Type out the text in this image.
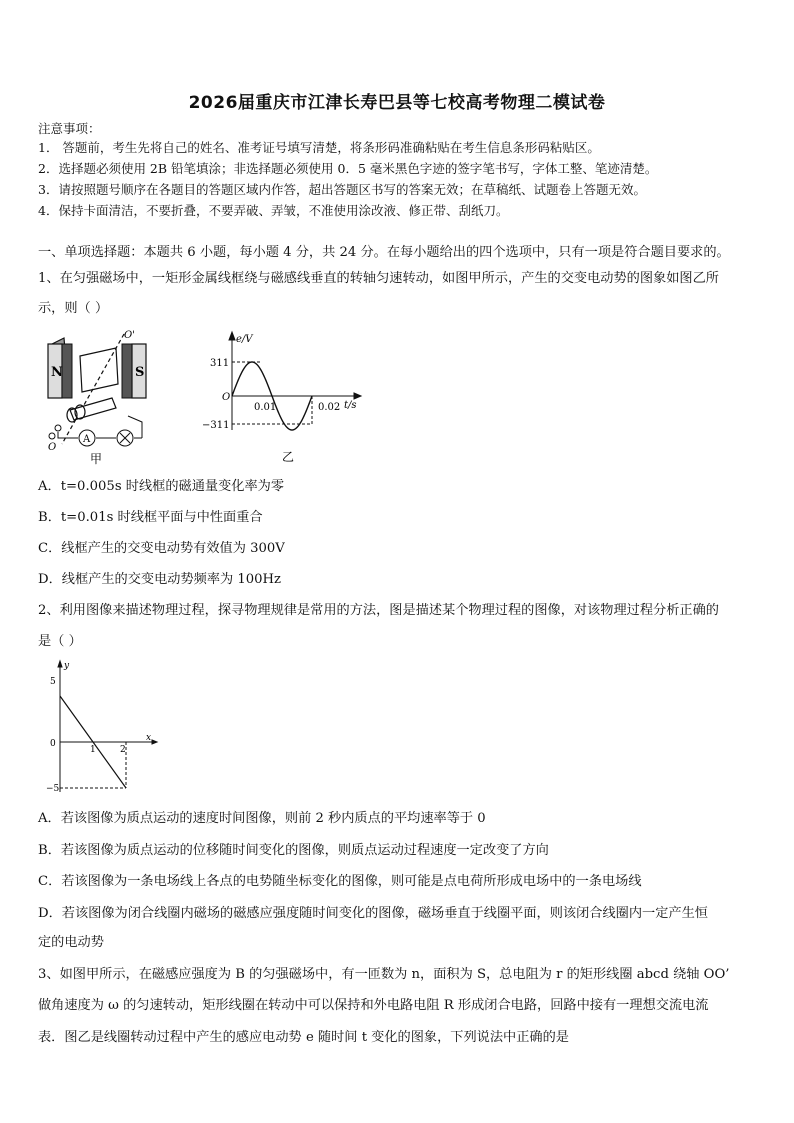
2026届重庆市江津长寿巴县等七校高考物理二模试卷
注意事项：
1． 答题前，考生先将自己的姓名、准考证号填写清楚，将条形码准确粘贴在考生信息条形码粘贴区。
2．选择题必须使用 2B 铅笔填涂；非选择题必须使用 0．5 毫米黑色字迹的签字笔书写，字体工整、笔迹清楚。
3．请按照题号顺序在各题目的答题区域内作答，超出答题区书写的答案无效；在草稿纸、试题卷上答题无效。
4．保持卡面清洁，不要折叠，不要弄破、弄皱，不准使用涂改液、修正带、刮纸刀。
一、单项选择题：本题共 6 小题，每小题 4 分，共 24 分。在每小题给出的四个选项中，只有一项是符合题目要求的。
1、在匀强磁场中，一矩形金属线框绕与磁感线垂直的转轴匀速转动，如图甲所示，产生的交变电动势的图象如图乙所
示，则（ ）
N	S
O'
O
A
甲
e/V
t/s
O
311
−311
0.01	0.02
乙
A．t=0.005s 时线框的磁通量变化率为零
B．t=0.01s 时线框平面与中性面重合
C．线框产生的交变电动势有效值为 300V
D．线框产生的交变电动势频率为 100Hz
2、利用图像来描述物理过程，探寻物理规律是常用的方法，图是描述某个物理过程的图像，对该物理过程分析正确的
是（ ）
y
x
0
5
−5
1	2
A．若该图像为质点运动的速度时间图像，则前 2 秒内质点的平均速率等于 0
B．若该图像为质点运动的位移随时间变化的图像，则质点运动过程速度一定改变了方向
C．若该图像为一条电场线上各点的电势随坐标变化的图像，则可能是点电荷所形成电场中的一条电场线
D．若该图像为闭合线圈内磁场的磁感应强度随时间变化的图像，磁场垂直于线圈平面，则该闭合线圈内一定产生恒
定的电动势
3、如图甲所示，在磁感应强度为 B 的匀强磁场中，有一匝数为 n，面积为 S，总电阻为 r 的矩形线圈 abcd 绕轴 OO’
做角速度为 ω 的匀速转动，矩形线圈在转动中可以保持和外电路电阻 R 形成闭合电路，回路中接有一理想交流电流
表．图乙是线圈转动过程中产生的感应电动势 e 随时间 t 变化的图象，下列说法中正确的是
